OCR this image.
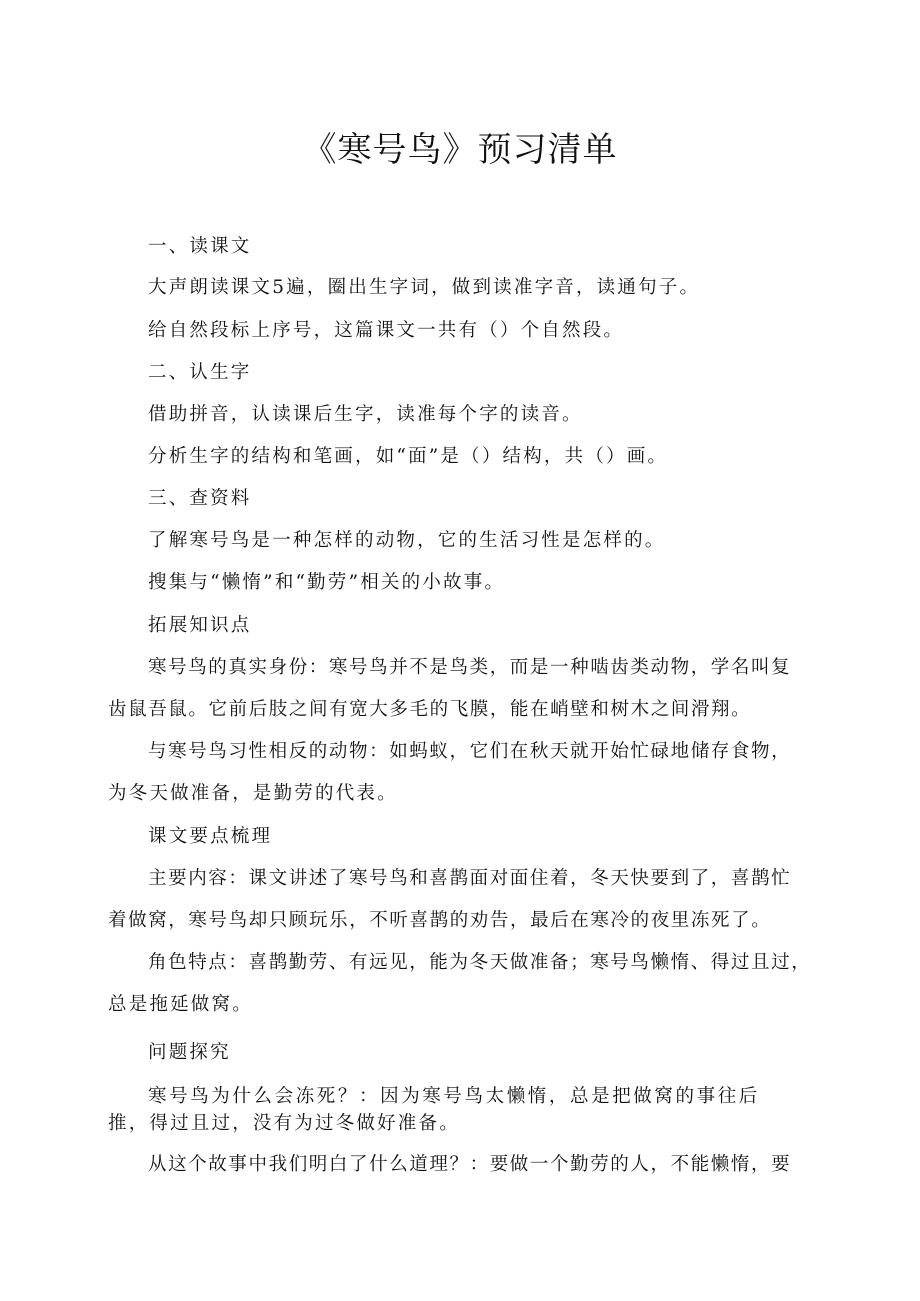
《寒号鸟》预习清单
一、读课文
大声朗读课文5遍，圈出生字词，做到读准字音，读通句子。
给自然段标上序号，这篇课文一共有（）个自然段。
二、认生字
借助拼音，认读课后生字，读准每个字的读音。
分析生字的结构和笔画，如“面”是（）结构，共（）画。
三、查资料
了解寒号鸟是一种怎样的动物，它的生活习性是怎样的。
搜集与“懒惰”和“勤劳”相关的小故事。
拓展知识点
寒号鸟的真实身份：寒号鸟并不是鸟类，而是一种啮齿类动物，学名叫复
齿鼠吾鼠。它前后肢之间有宽大多毛的飞膜，能在峭壁和树木之间滑翔。
与寒号鸟习性相反的动物：如蚂蚁，它们在秋天就开始忙碌地储存食物，
为冬天做准备，是勤劳的代表。
课文要点梳理
主要内容：课文讲述了寒号鸟和喜鹊面对面住着，冬天快要到了，喜鹊忙
着做窝，寒号鸟却只顾玩乐，不听喜鹊的劝告，最后在寒冷的夜里冻死了。
角色特点：喜鹊勤劳、有远见，能为冬天做准备；寒号鸟懒惰、得过且过，
总是拖延做窝。
问题探究
寒号鸟为什么会冻死？：因为寒号鸟太懒惰，总是把做窝的事往后
推，得过且过，没有为过冬做好准备。
从这个故事中我们明白了什么道理？：要做一个勤劳的人，不能懒惰，要
